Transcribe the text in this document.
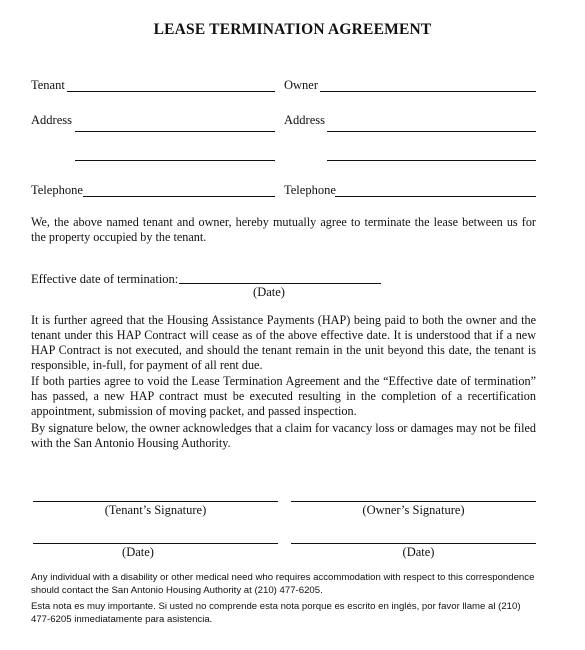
LEASE TERMINATION AGREEMENT
Tenant	Owner
Address	Address
Telephone	Telephone
We, the above named tenant and owner, hereby mutually agree to terminate the lease between us for the property occupied by the tenant.
Effective date of termination:
(Date)
It is further agreed that the Housing Assistance Payments (HAP) being paid to both the owner and the tenant under this HAP Contract will cease as of the above effective date. It is understood that if a new HAP Contract is not executed, and should the tenant remain in the unit beyond this date, the tenant is responsible, in-full, for payment of all rent due.
If both parties agree to void the Lease Termination Agreement and the “Effective date of termination” has passed, a new HAP contract must be executed resulting in the completion of a recertification appointment, submission of moving packet, and passed inspection.
By signature below, the owner acknowledges that a claim for vacancy loss or damages may not be filed with the San Antonio Housing Authority.
(Tenant’s Signature)	(Owner’s Signature)
(Date)	(Date)
Any individual with a disability or other medical need who requires accommodation with respect to this correspondence should contact the San Antonio Housing Authority at (210) 477-6205.
Esta nota es muy importante. Si usted no comprende esta nota porque es escrito en inglés, por favor llame al (210) 477-6205 inmediatamente para asistencia.
